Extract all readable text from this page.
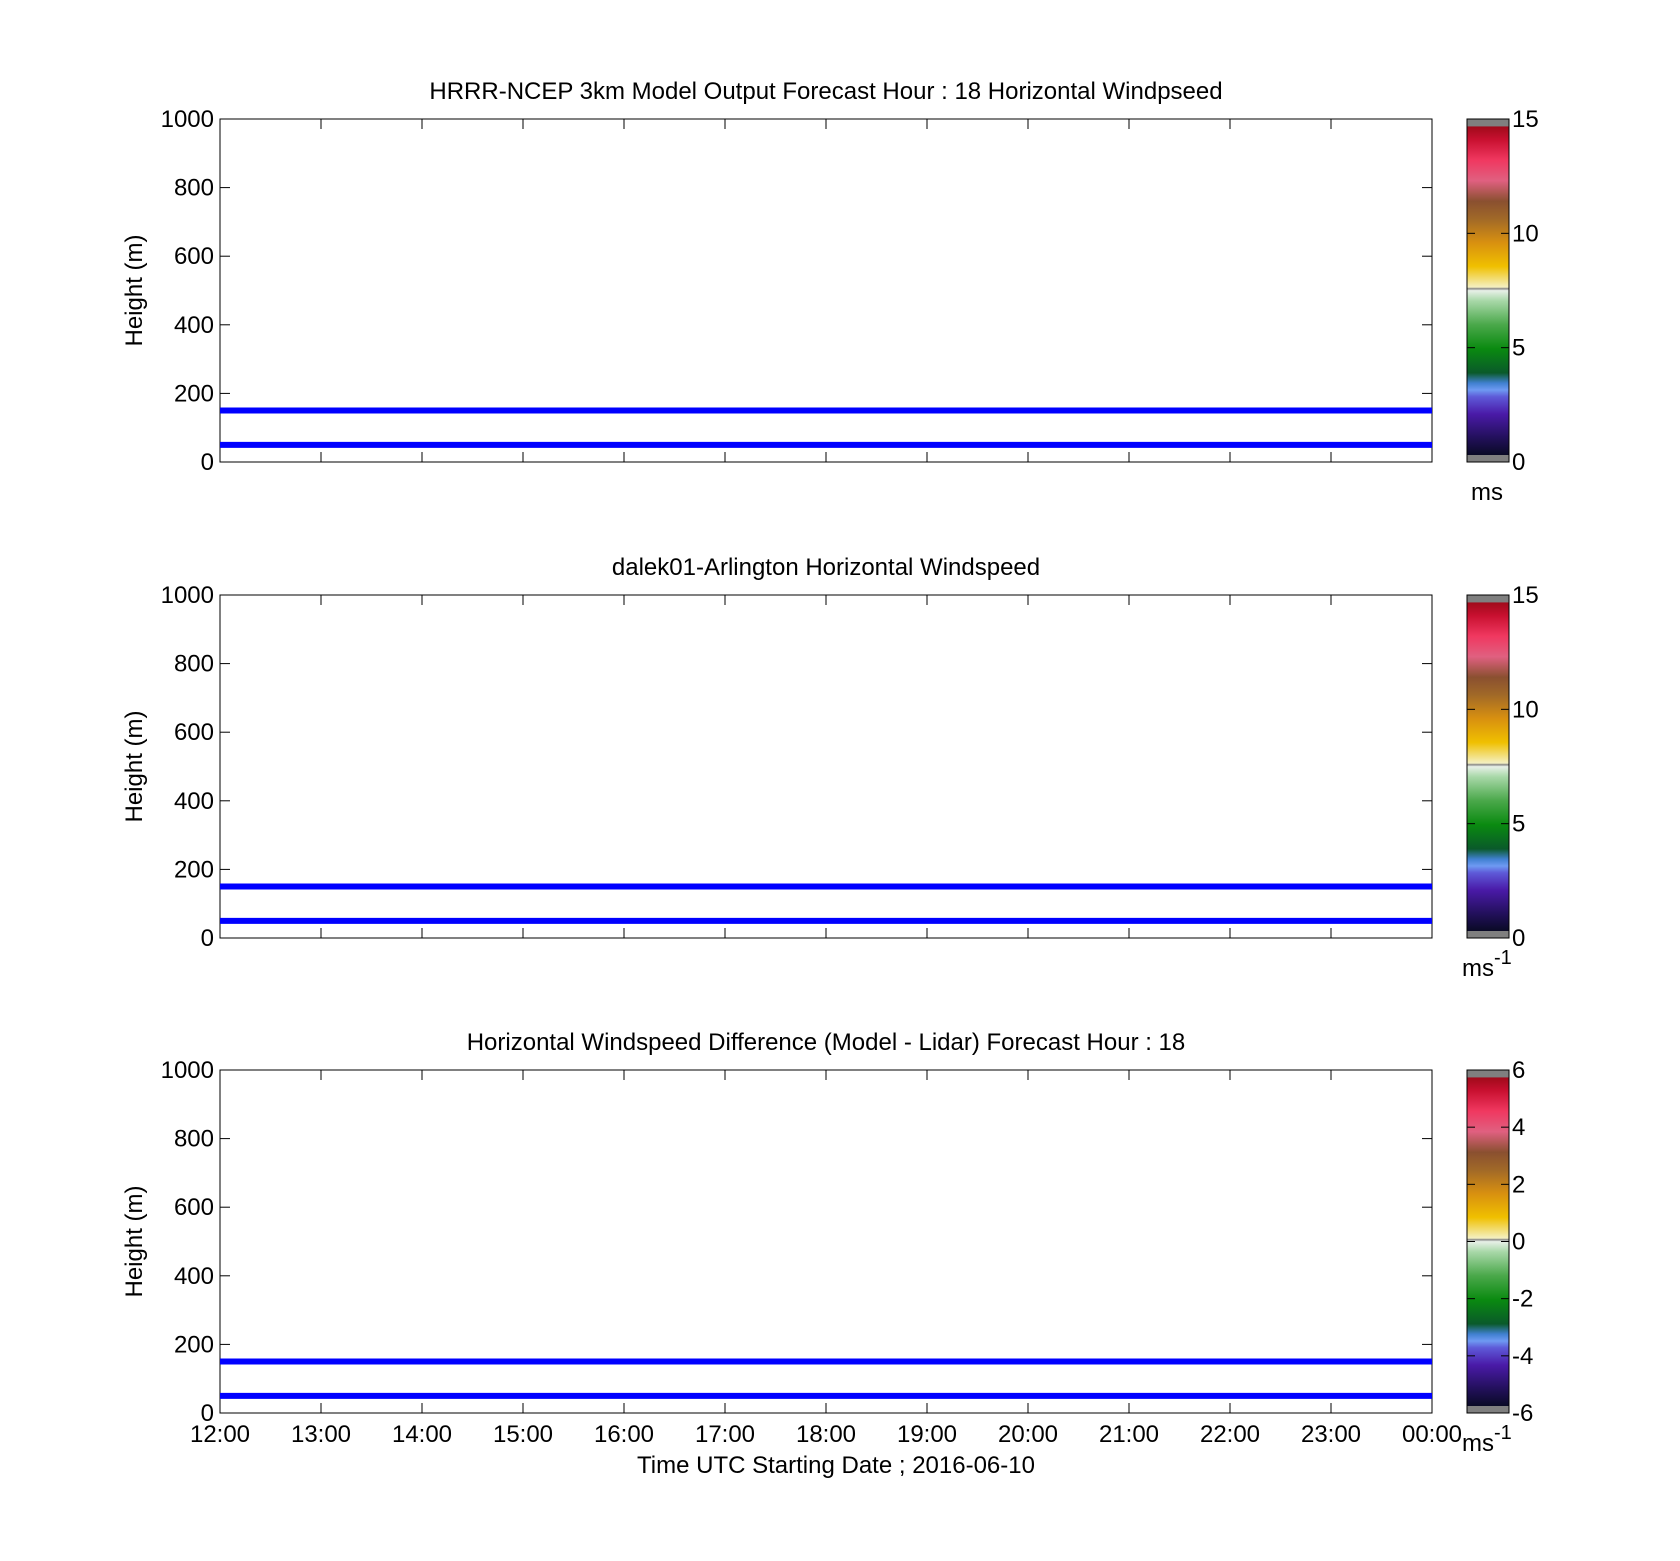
HRRR-NCEP 3km Model Output Forecast Hour : 18 Horizontal Windpseed
0
200
400
600
800
1000
Height (m)
0
5
10
15
ms
dalek01-Arlington Horizontal Windspeed
0
200
400
600
800
1000
Height (m)
0
5
10
15
$ms^{-1}$
Horizontal Windspeed Difference (Model - Lidar) Forecast Hour : 18
0
200
400
600
800
1000
12:00 13:00 14:00 15:00 16:00 17:00 18:00 19:00 20:00 21:00 22:00 23:00 00:00
Height (m)
Time UTC Starting Date ; 2016-06-10
-6
-4
-2
0
2
4
6
$ms^{-1}$
